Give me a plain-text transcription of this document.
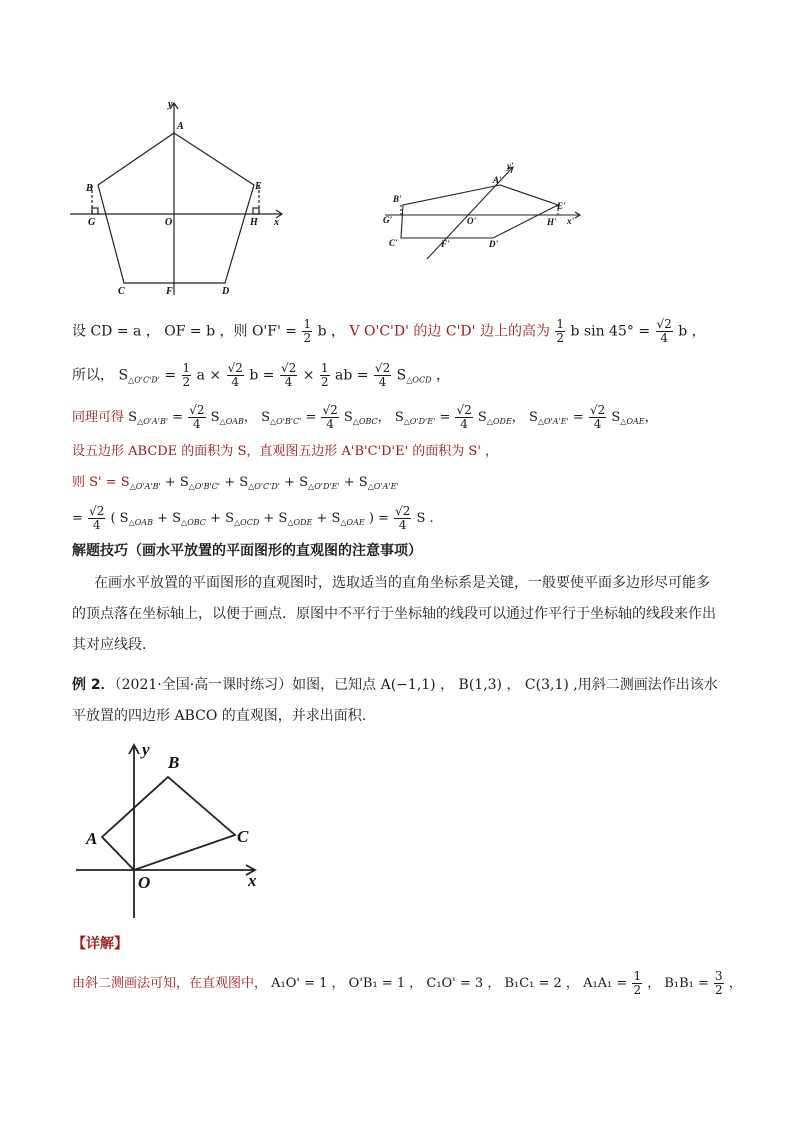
y
A
B	E
G	O	H x
C	F	D
y'
A'
B'
E'
G'	O'	H' x'
C'	F'	D'
设 CD = a ， OF = b ，则 $O'F' = \frac{1}{2}$ b ， V O'C'D' 的边 C'D' 边上的高为 $\frac{1}{2}$ b $\sin 45^\circ = \frac{√2}{4}$ b ，
所以， $S_{\triangle O'C'D'} = \frac{1}{2}$ $a \times \frac{√2}{4}$ $b = \frac{√2}{4} \times \frac{1}{2}$ ab = $\frac{√2}{4} S_{\triangle OCD}$ ，
同理可得 $S_{\triangle O'A'B'} = \frac{√2}{4} S_{\triangle OAB}$， $S_{\triangle O'B'C'} = \frac{√2}{4} S_{\triangle OBC}$， $S_{\triangle O'D'E'} = \frac{√2}{4} S_{\triangle ODE}$， $S_{\triangle O'A'E'} = \frac{√2}{4} S_{\triangle OAE}$，
设五边形 ABCDE 的面积为 S，直观图五边形 A'B'C'D'E' 的面积为 S' ，
则 $S' = S_{\triangle O'A'B'} + S_{\triangle O'B'C'} + S_{\triangle O'C'D'} + S_{\triangle O'D'E'} + S_{\triangle O'A'E'}$
= $\frac{√2}{4}$ ( $S_{\triangle OAB} + S_{\triangle OBC} + S_{\triangle OCD} + S_{\triangle ODE} + S_{\triangle OAE}$ ) = $\frac{√2}{4}$ S .
解题技巧（画水平放置的平面图形的直观图的注意事项）
在画水平放置的平面图形的直观图时，选取适当的直角坐标系是关键，一般要使平面多边形尽可能多的顶点落在坐标轴上，以便于画点．原图中不平行于坐标轴的线段可以通过作平行于坐标轴的线段来作出其对应线段．
例 2．（2021·全国·高一课时练习）如图，已知点 A(−1,1) ， B(1,3) ， C(3,1) ,用斜二测画法作出该水平放置的四边形 ABCO 的直观图，并求出面积.
y
B
A	C
O	x
【详解】
由斜二测画法可知，在直观图中， A₁O' = 1 ， O'B₁ = 1 ， C₁O' = 3 ， B₁C₁ = 2 ， $A_1A_1 = \frac{1}{2}$ ， $B_1B_1 = \frac{3}{2}$ ，
